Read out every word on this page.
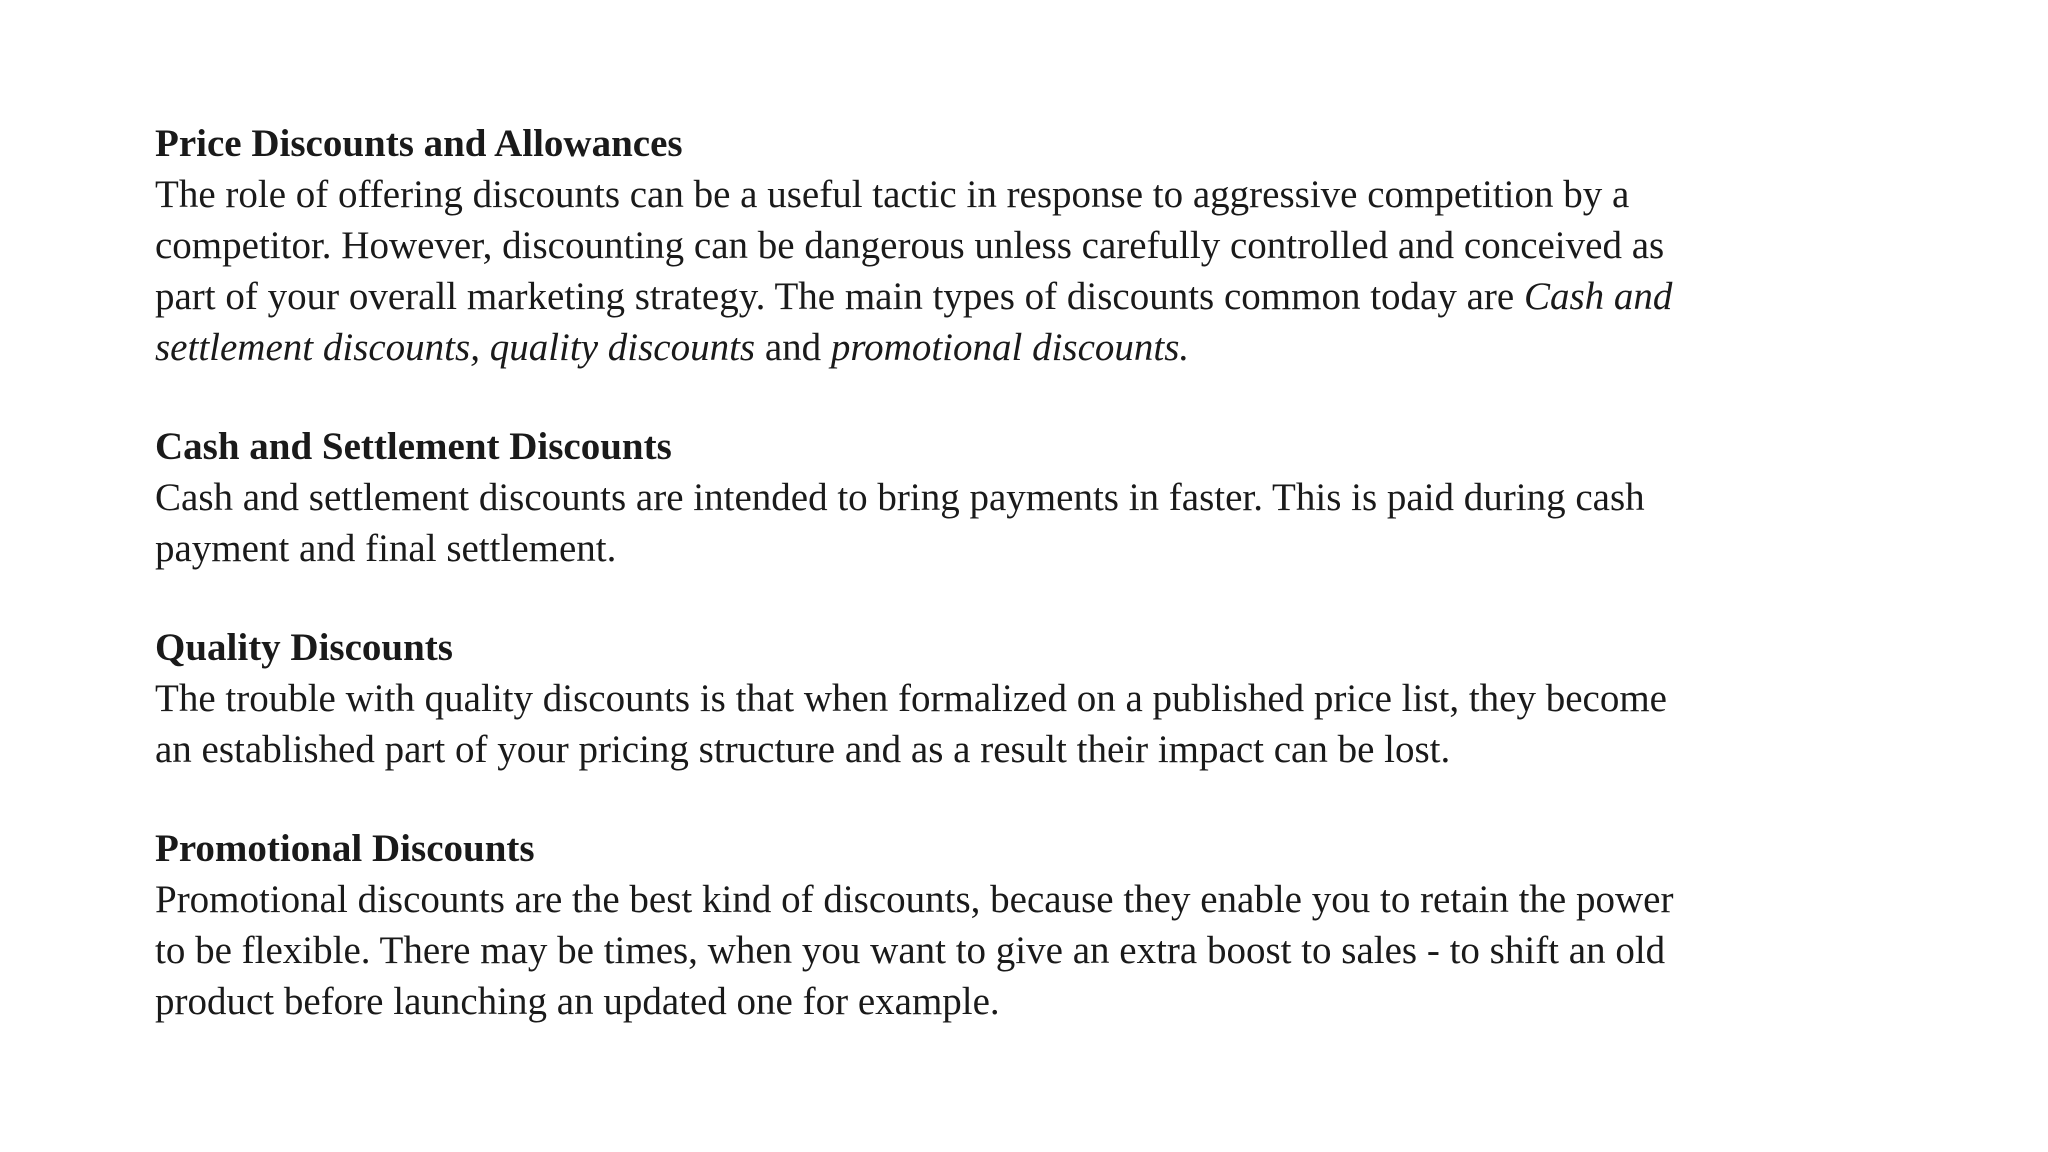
Price Discounts and Allowances

The role of offering discounts can be a useful tactic in response to aggressive competition by a
competitor. However, discounting can be dangerous unless carefully controlled and conceived as
part of your overall marketing strategy. The main types of discounts common today are Cash and
settlement discounts, quality discounts and promotional discounts.

Cash and Settlement Discounts

Cash and settlement discounts are intended to bring payments in faster. This is paid during cash
payment and final settlement.

Quality Discounts

The trouble with quality discounts is that when formalized on a published price list, they become
an established part of your pricing structure and as a result their impact can be lost.

Promotional Discounts

Promotional discounts are the best kind of discounts, because they enable you to retain the power
to be flexible. There may be times, when you want to give an extra boost to sales - to shift an old
product before launching an updated one for example.
